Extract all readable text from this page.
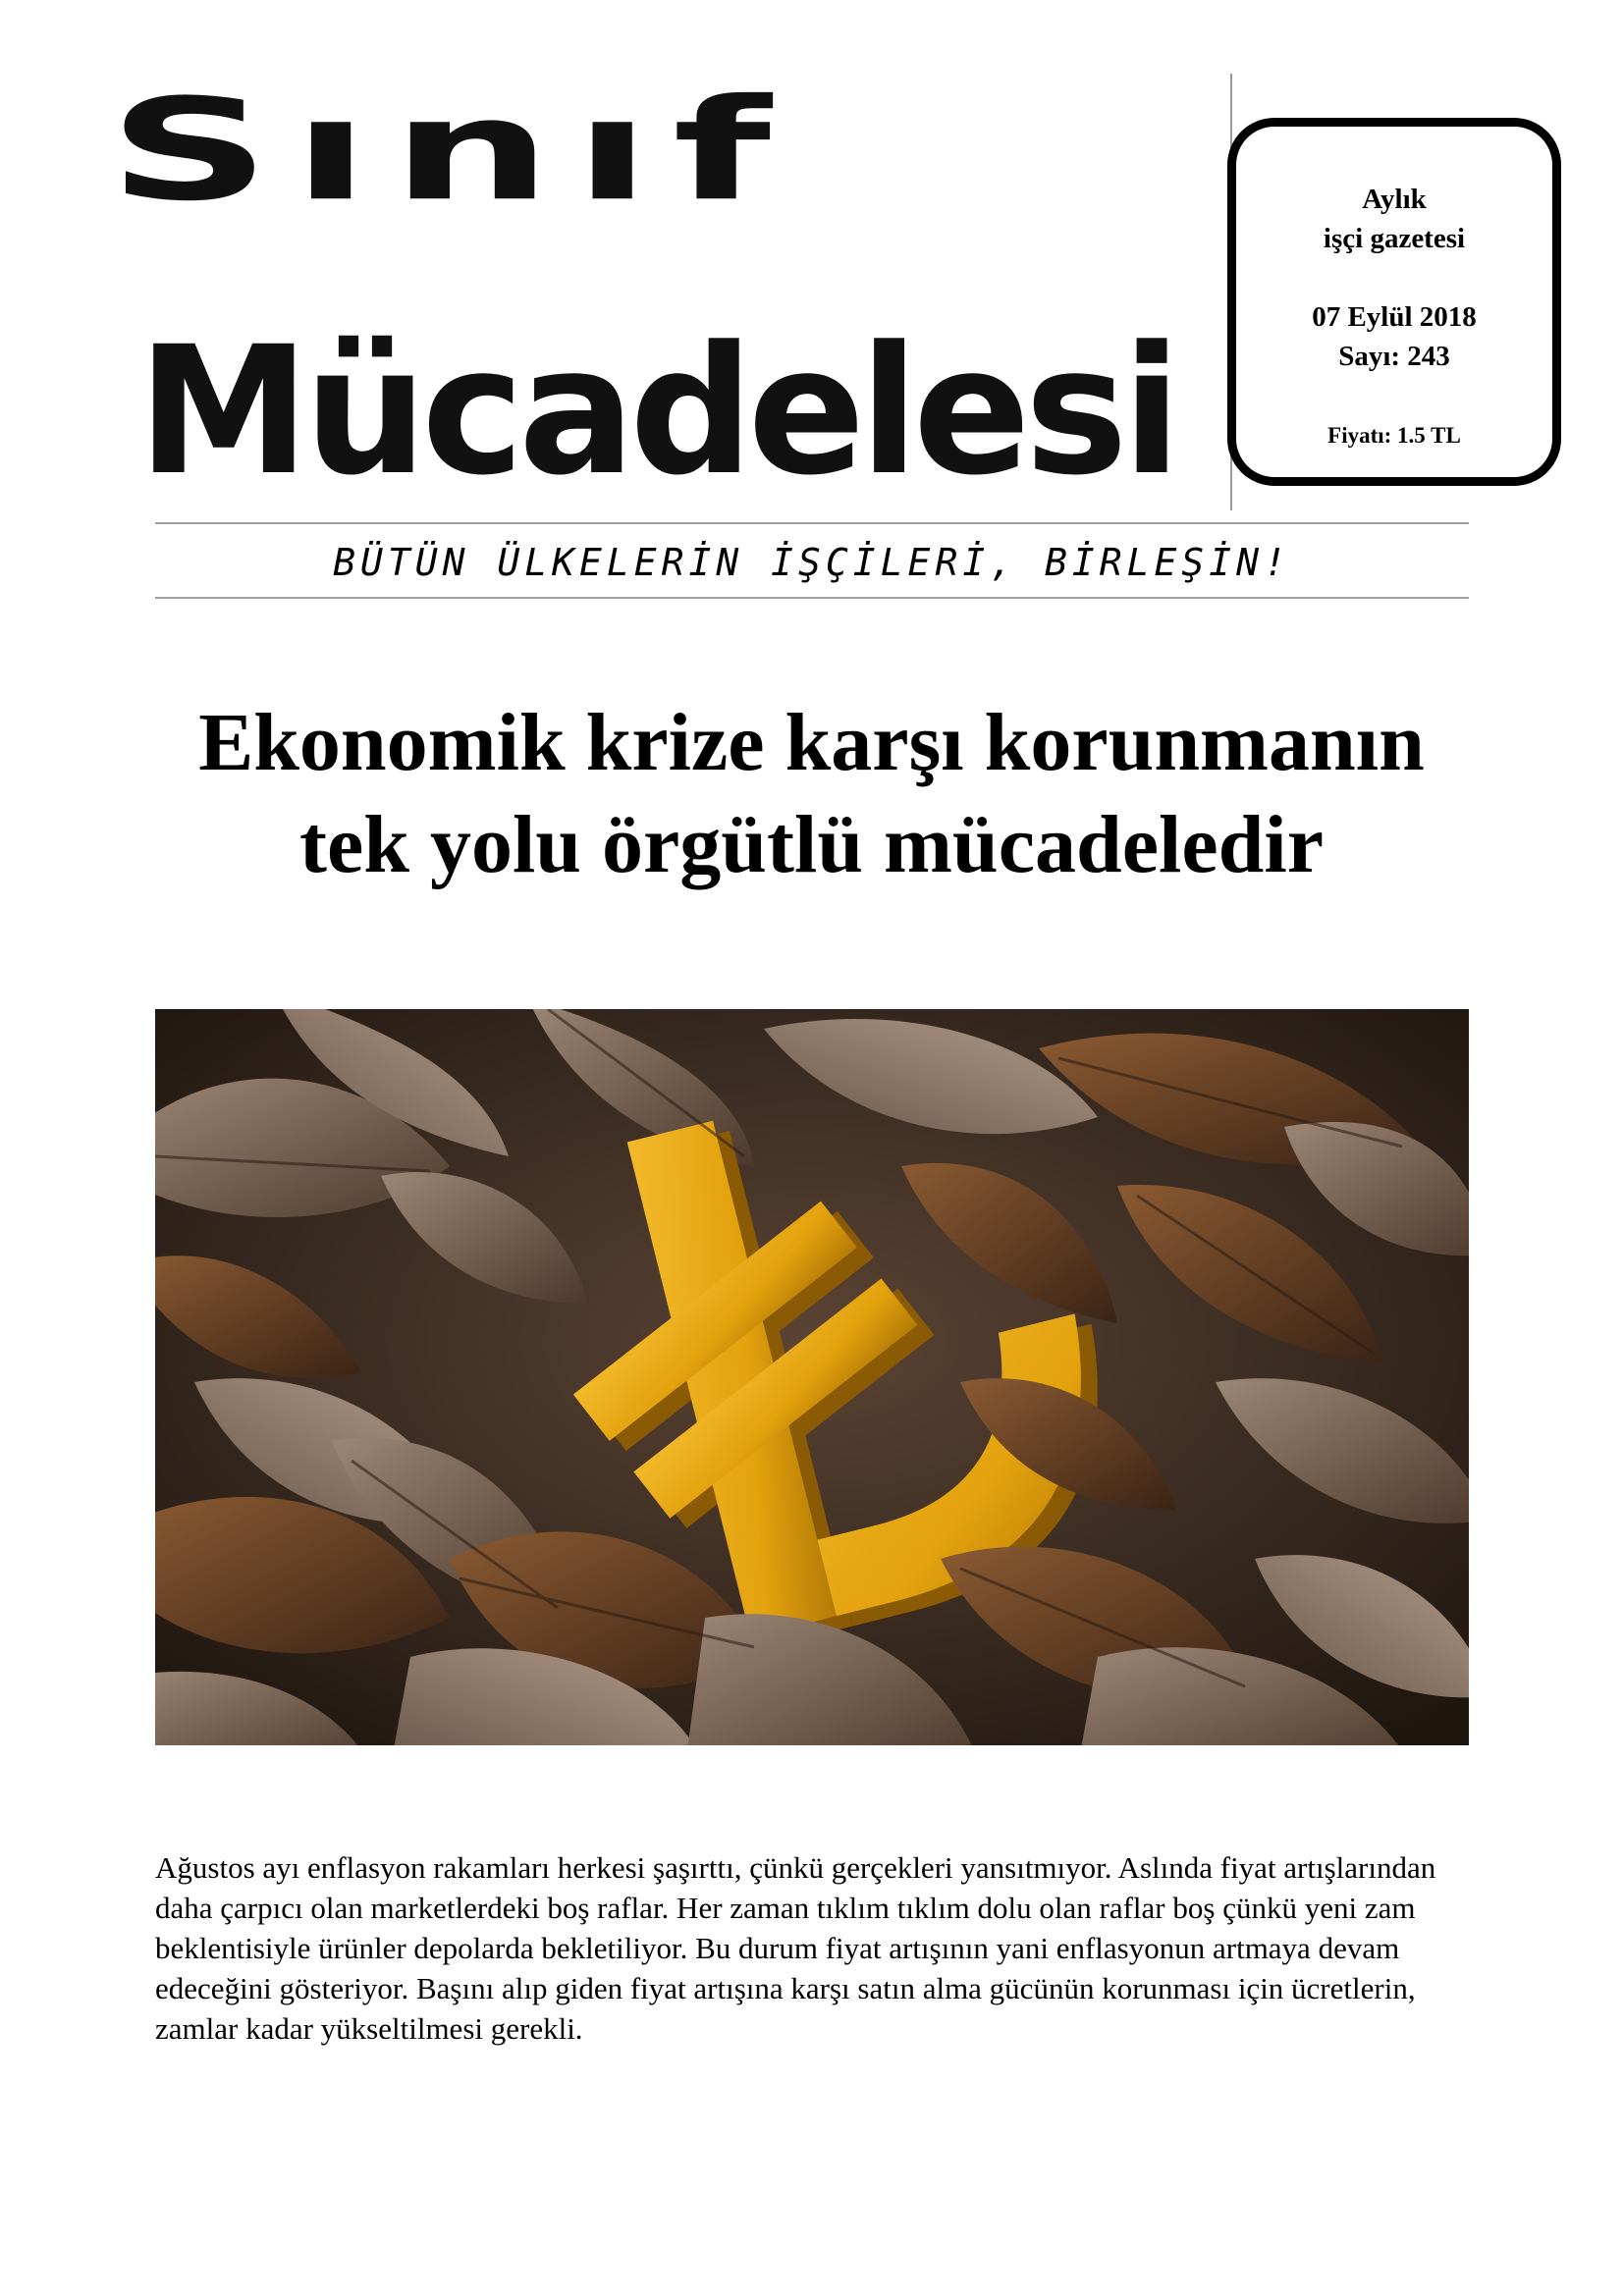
Sınıf
Mücadelesi
Aylık
işçi gazetesi
07 Eylül 2018
Sayı: 243
Fiyatı: 1.5 TL
BÜTÜN ÜLKELERİN İŞÇİLERİ, BİRLEŞİN!
Ekonomik krize karşı korunmanın
tek yolu örgütlü mücadeledir
Ağustos ayı enflasyon rakamları herkesi şaşırttı, çünkü gerçekleri yansıtmıyor. Aslında fiyat artışlarından daha çarpıcı olan marketlerdeki boş raflar. Her zaman tıklım tıklım dolu olan raflar boş çünkü yeni zam beklentisiyle ürünler depolarda bekletiliyor. Bu durum fiyat artışının yani enflasyonun artmaya devam edeceğini gösteriyor. Başını alıp giden fiyat artışına karşı satın alma gücünün korunması için ücretlerin, zamlar kadar yükseltilmesi gerekli.
